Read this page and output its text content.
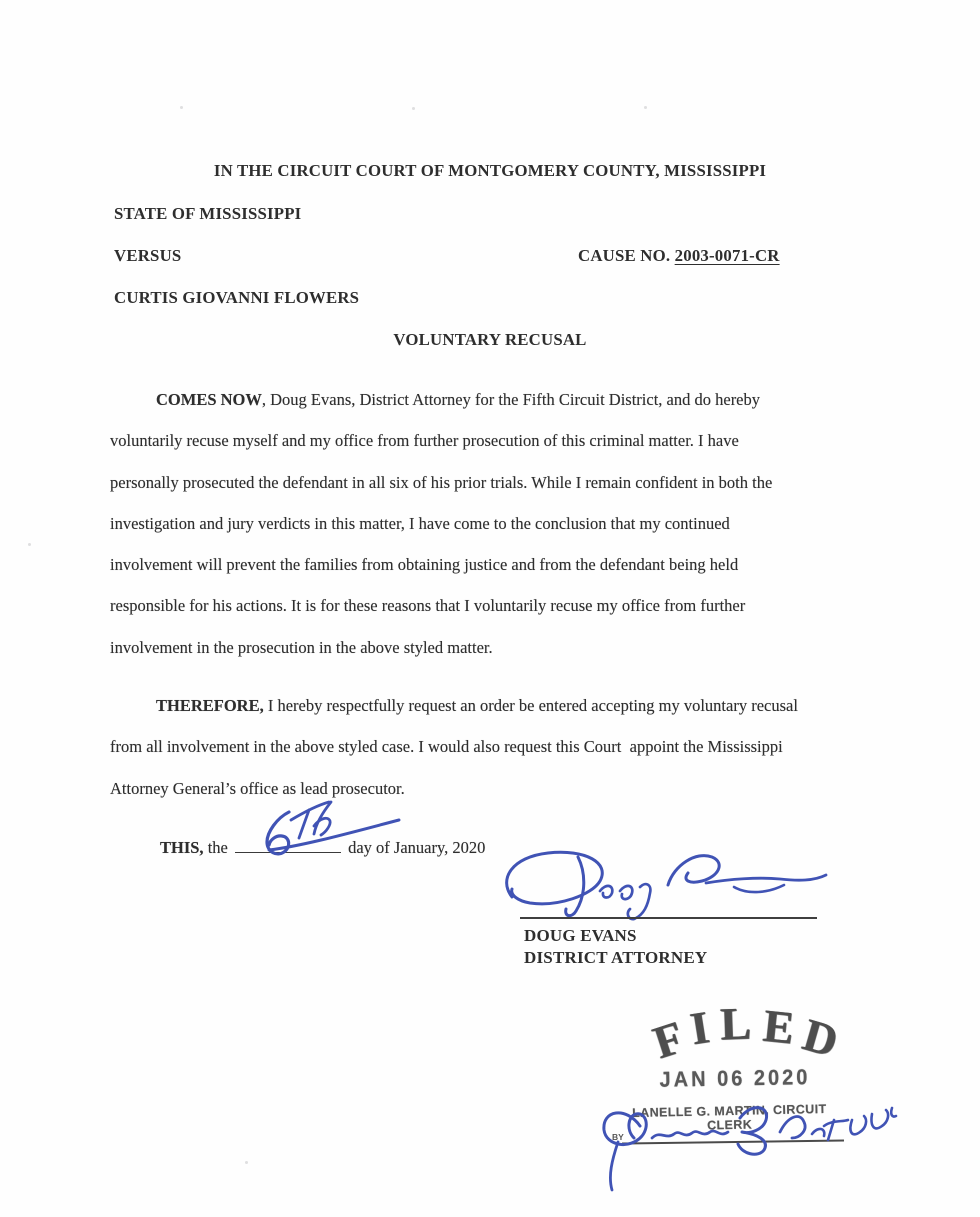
IN THE CIRCUIT COURT OF MONTGOMERY COUNTY, MISSISSIPPI
STATE OF MISSISSIPPI
VERSUS	CAUSE NO. 2003-0071-CR
CURTIS GIOVANNI FLOWERS
VOLUNTARY RECUSAL
COMES NOW, Doug Evans, District Attorney for the Fifth Circuit District, and do hereby
voluntarily recuse myself and my office from further prosecution of this criminal matter. I have
personally prosecuted the defendant in all six of his prior trials. While I remain confident in both the
investigation and jury verdicts in this matter, I have come to the conclusion that my continued
involvement will prevent the families from obtaining justice and from the defendant being held
responsible for his actions. It is for these reasons that I voluntarily recuse my office from further
involvement in the prosecution in the above styled matter.
THEREFORE, I hereby respectfully request an order be entered accepting my voluntary recusal
from all involvement in the above styled case. I would also request this Court  appoint the Mississippi
Attorney General’s office as lead prosecutor.
THIS, the	day of January, 2020
DOUG EVANS
DISTRICT ATTORNEY
F
I L E D
JAN 06 2020
LANELLE G. MARTIN, CIRCUIT CLERK
BY
